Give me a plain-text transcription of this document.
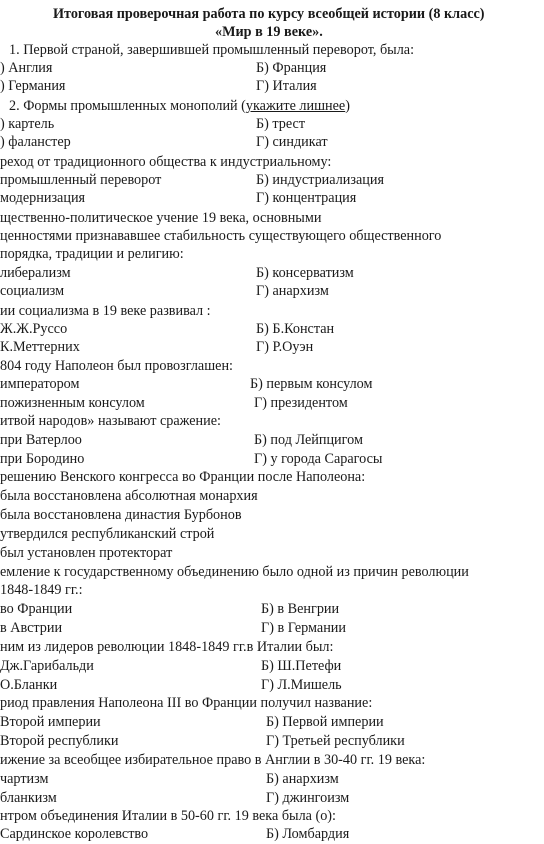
Итоговая проверочная работа по курсу всеобщей истории (8 класс)
«Мир в 19 веке».
1. Первой страной, завершившей промышленный переворот, была:
) Англия	Б) Франция
) Германия	Г) Италия
2. Формы промышленных монополий (укажите лишнее)
) картель	Б) трест
) фаланстер	Г) синдикат
реход от традиционного общества к индустриальному:
промышленный переворот	Б) индустриализация
модернизация	Г) концентрация
щественно-политическое учение 19 века, основными
ценностями признававшее стабильность существующего общественного
порядка, традиции и религию:
либерализм	Б) консерватизм
социализм	Г) анархизм
ии социализма в 19 веке развивал :
Ж.Ж.Руссо	Б) Б.Констан
К.Меттерних	Г) Р.Оуэн
804 году Наполеон был провозглашен:
императором	Б) первым консулом
пожизненным консулом	Г) президентом
итвой народов» называют сражение:
при Ватерлоо	Б) под Лейпцигом
при Бородино	Г) у города Сарагосы
решению Венского конгресса во Франции после Наполеона:
была восстановлена абсолютная монархия
была восстановлена династия Бурбонов
утвердился республиканский строй
был установлен протекторат
емление к государственному объединению было одной из причин революции
1848-1849 гг.:
во Франции	Б) в Венгрии
в Австрии	Г) в Германии
ним из лидеров революции 1848-1849 гг.в Италии был:
Дж.Гарибальди	Б) Ш.Петефи
О.Бланки	Г) Л.Мишель
риод правления Наполеона III во Франции получил название:
Второй империи	Б) Первой империи
Второй республики	Г) Третьей республики
ижение за всеобщее избирательное право в Англии в 30-40 гг. 19 века:
чартизм	Б) анархизм
бланкизм	Г) джингоизм
нтром объединения Италии в 50-60 гг. 19 века была (о):
Сардинское королевство	Б) Ломбардия
